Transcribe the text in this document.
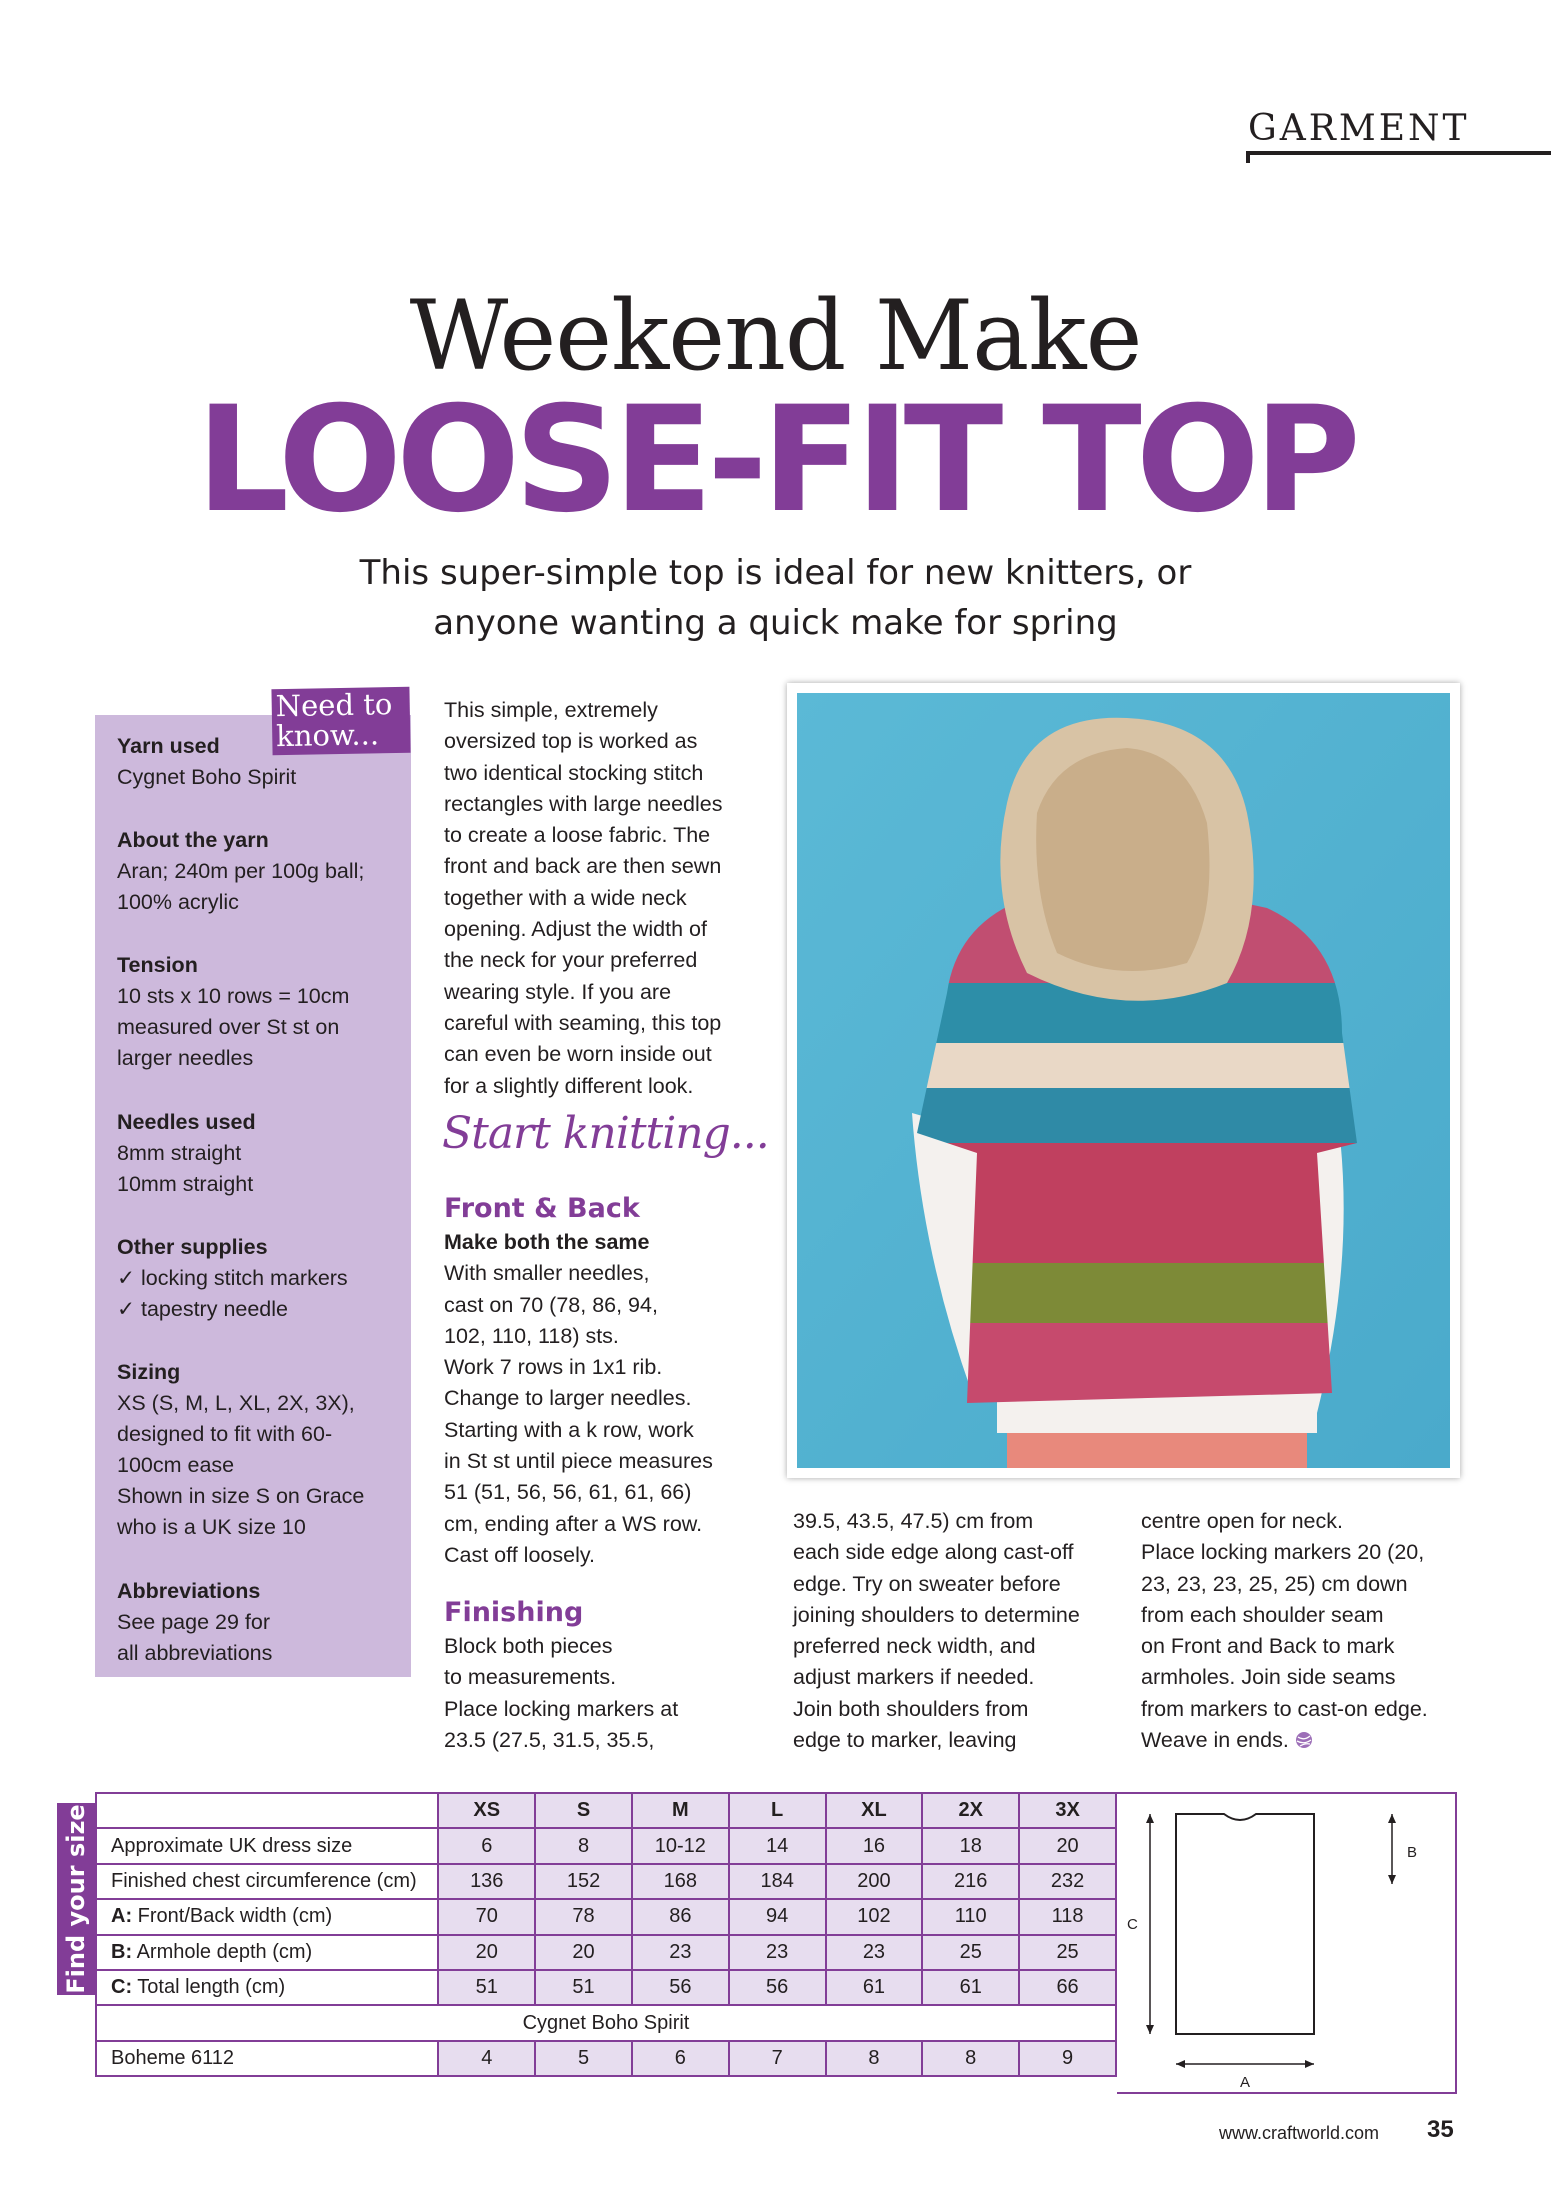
GARMENT
Weekend Make
LOOSE-FIT TOP
This super-simple top is ideal for new knitters, or
anyone wanting a quick make for spring
Need to
know...
Yarn used
Cygnet Boho Spirit
About the yarn
Aran; 240m per 100g ball;
100% acrylic
Tension
10 sts x 10 rows = 10cm
measured over St st on
larger needles
Needles used
8mm straight
10mm straight
Other supplies
✓ locking stitch markers
✓ tapestry needle
Sizing
XS (S, M, L, XL, 2X, 3X),
designed to fit with 60-
100cm ease
Shown in size S on Grace
who is a UK size 10
Abbreviations
See page 29 for
all abbreviations
This simple, extremely
oversized top is worked as
two identical stocking stitch
rectangles with large needles
to create a loose fabric. The
front and back are then sewn
together with a wide neck
opening. Adjust the width of
the neck for your preferred
wearing style. If you are
careful with seaming, this top
can even be worn inside out
for a slightly different look.
Start knitting...
Front & Back
Make both the same
With smaller needles,
cast on 70 (78, 86, 94,
102, 110, 118) sts.
Work 7 rows in 1x1 rib.
Change to larger needles.
Starting with a k row, work
in St st until piece measures
51 (51, 56, 56, 61, 61, 66)
cm, ending after a WS row.
Cast off loosely.
Finishing
Block both pieces
to measurements.
Place locking markers at
23.5 (27.5, 31.5, 35.5,
39.5, 43.5, 47.5) cm from
each side edge along cast-off
edge. Try on sweater before
joining shoulders to determine
preferred neck width, and
adjust markers if needed.
Join both shoulders from
edge to marker, leaving
centre open for neck.
Place locking markers 20 (20,
23, 23, 23, 25, 25) cm down
from each shoulder seam
on Front and Back to mark
armholes. Join side seams
from markers to cast-on edge.
Weave in ends.
Find your size
		XS	S	M	L	XL	2X	3X
Approximate UK dress size	6	8	10-12	14	16	18	20
Finished chest circumference (cm)	136	152	168	184	200	216	232
A: Front/Back width (cm)	70	78	86	94	102	110	118
B: Armhole depth (cm)	20	20	23	23	23	25	25
C: Total length (cm)	51	51	56	56	61	61	66
Cygnet Boho Spirit							
Boheme 6112	4	5	6	7	8	8	9
A
B
C
www.craftworld.com 35
